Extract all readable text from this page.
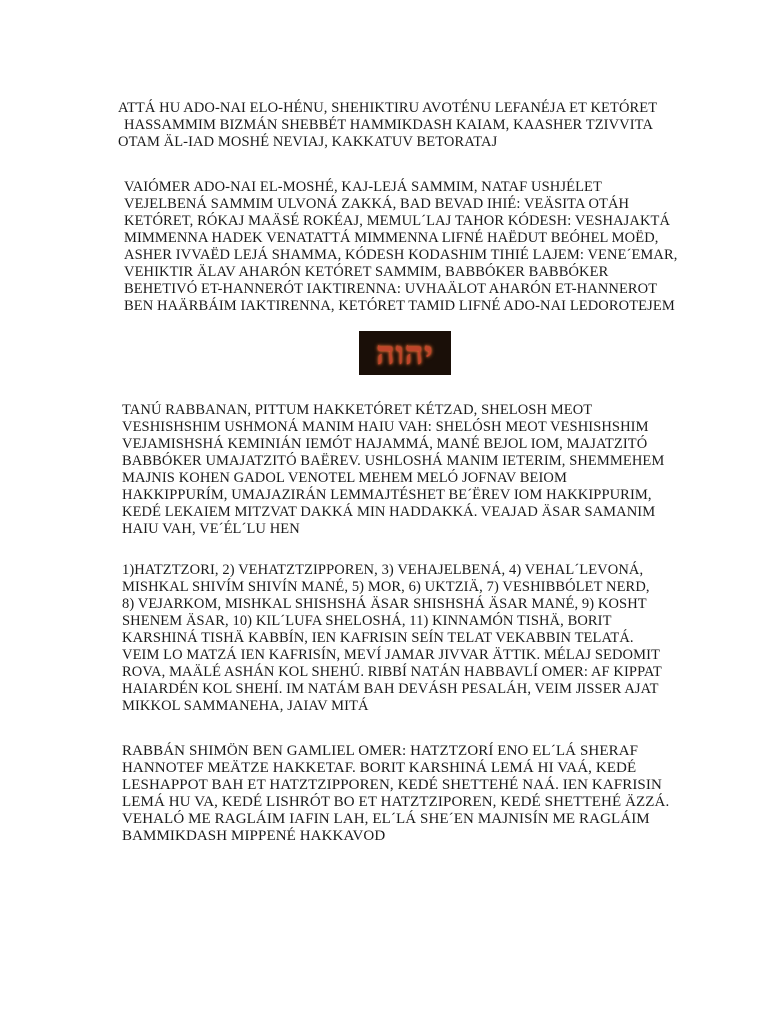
ATTÁ HU ADO-NAI ELO-HÉNU, SHEHIKTIRU AVOTÉNU LEFANÉJA ET KETÓRET
HASSAMMIM BIZMÁN SHEBBÉT HAMMIKDASH KAIAM, KAASHER TZIVVITA
OTAM ÄL-IAD MOSHÉ NEVIAJ, KAKKATUV BETORATAJ
VAIÓMER ADO-NAI EL-MOSHÉ, KAJ-LEJÁ SAMMIM, NATAF USHJÉLET
VEJELBENÁ SAMMIM ULVONÁ ZAKKÁ, BAD BEVAD IHIÉ: VEÄSITA OTÁH
KETÓRET, RÓKAJ MAÄSÉ ROKÉAJ, MEMUL´LAJ TAHOR KÓDESH: VESHAJAKTÁ
MIMMENNA HADEK VENATATTÁ MIMMENNA LIFNÉ HAËDUT BEÓHEL MOËD,
ASHER IVVAËD LEJÁ SHAMMA, KÓDESH KODASHIM TIHIÉ LAJEM: VENE´EMAR,
VEHIKTIR ÄLAV AHARÓN KETÓRET SAMMIM, BABBÓKER BABBÓKER
BEHETIVÓ ET-HANNERÓT IAKTIRENNA: UVHAÄLOT AHARÓN ET-HANNEROT
BEN HAÄRBÁIM IAKTIRENNA, KETÓRET TAMID LIFNÉ ADO-NAI LEDOROTEJEM
יהוה
TANÚ RABBANAN, PITTUM HAKKETÓRET KÉTZAD, SHELOSH MEOT
VESHISHSHIM USHMONÁ MANIM HAIU VAH: SHELÓSH MEOT VESHISHSHIM
VEJAMISHSHÁ KEMINIÁN IEMÓT HAJAMMÁ, MANÉ BEJOL IOM, MAJATZITÓ
BABBÓKER UMAJATZITÓ BAËREV. USHLOSHÁ MANIM IETERIM, SHEMMEHEM
MAJNIS KOHEN GADOL VENOTEL MEHEM MELÓ JOFNAV BEIOM
HAKKIPPURÍM, UMAJAZIRÁN LEMMAJTÉSHET BE´ËREV IOM HAKKIPPURIM,
KEDÉ LEKAIEM MITZVAT DAKKÁ MIN HADDAKKÁ. VEAJAD ÄSAR SAMANIM
HAIU VAH, VE´ÉL´LU HEN
1)HATZTZORI, 2) VEHATZTZIPPOREN, 3) VEHAJELBENÁ, 4) VEHAL´LEVONÁ,
MISHKAL SHIVÍM SHIVÍN MANÉ, 5) MOR, 6) UKTZIÄ, 7) VESHIBBÓLET NERD,
8) VEJARKOM, MISHKAL SHISHSHÁ ÄSAR SHISHSHÁ ÄSAR MANÉ, 9) KOSHT
SHENEM ÄSAR, 10) KIL´LUFA SHELOSHÁ, 11) KINNAMÓN TISHÄ, BORIT
KARSHINÁ TISHÄ KABBÍN, IEN KAFRISIN SEÍN TELAT VEKABBIN TELATÁ.
VEIM LO MATZÁ IEN KAFRISÍN, MEVÍ JAMAR JIVVAR ÄTTIK. MÉLAJ SEDOMIT
ROVA, MAÄLÉ ASHÁN KOL SHEHÚ. RIBBÍ NATÁN HABBAVLÍ OMER: AF KIPPAT
HAIARDÉN KOL SHEHÍ. IM NATÁM BAH DEVÁSH PESALÁH, VEIM JISSER AJAT
MIKKOL SAMMANEHA, JAIAV MITÁ
RABBÁN SHIMÖN BEN GAMLIEL OMER: HATZTZORÍ ENO EL´LÁ SHERAF
HANNOTEF MEÄTZE HAKKETAF. BORIT KARSHINÁ LEMÁ HI VAÁ, KEDÉ
LESHAPPOT BAH ET HATZTZIPPOREN, KEDÉ SHETTEHÉ NAÁ. IEN KAFRISIN
LEMÁ HU VA, KEDÉ LISHRÓT BO ET HATZTZIPOREN, KEDÉ SHETTEHÉ ÄZZÁ.
VEHALÓ ME RAGLÁIM IAFIN LAH, EL´LÁ SHE´EN MAJNISÍN ME RAGLÁIM
BAMMIKDASH MIPPENÉ HAKKAVOD
